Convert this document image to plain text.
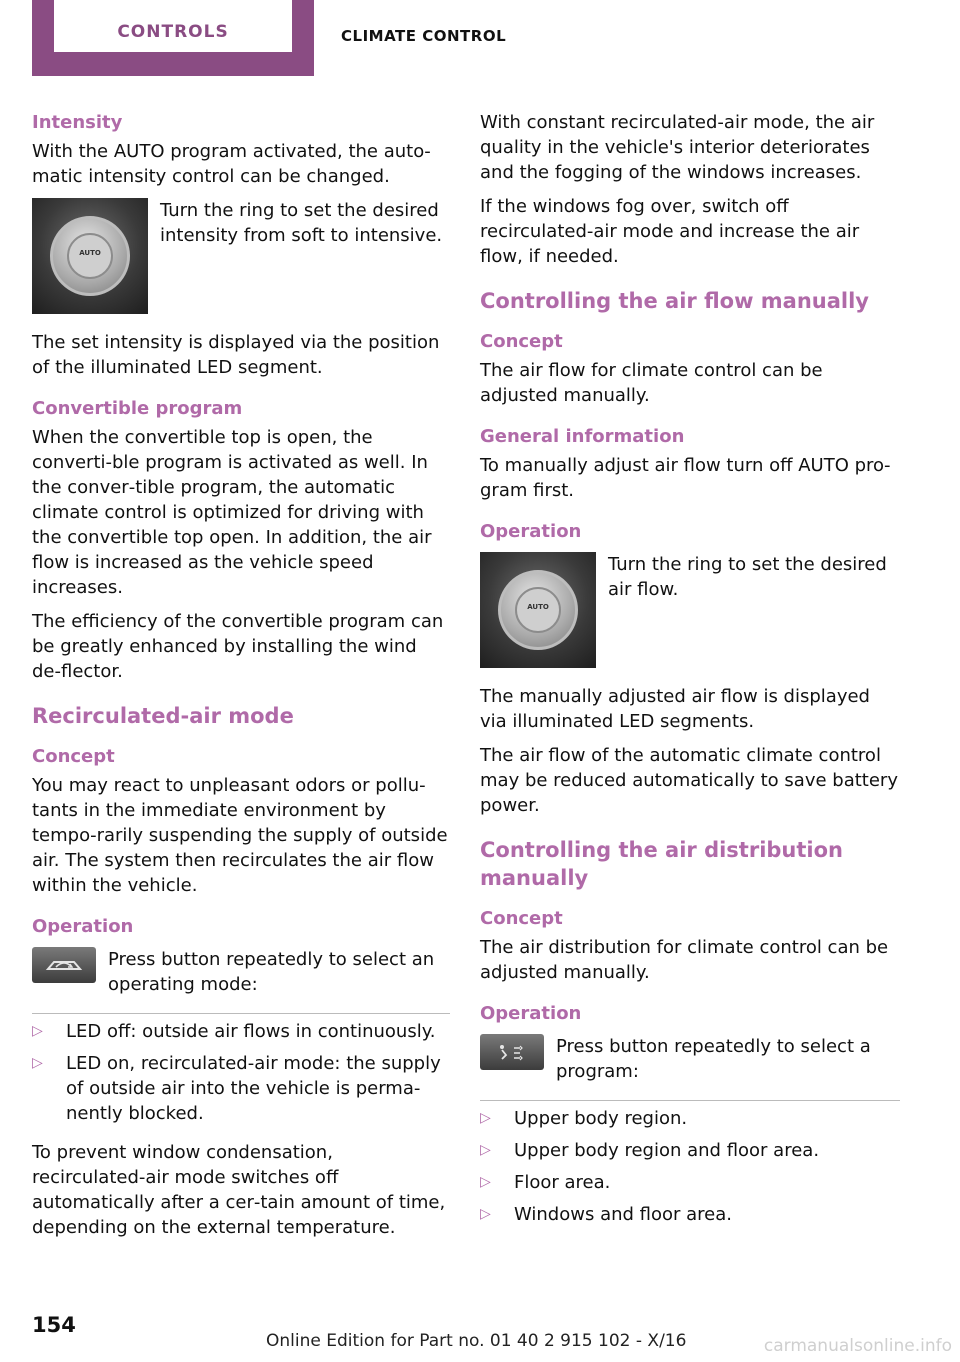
CONTROLS	CLIMATE CONTROL
Intensity

With the AUTO program activated, the auto‐matic intensity control can be changed.

AUTO

Turn the ring to set the desired intensity from soft to intensive.

The set intensity is displayed via the position of the illuminated LED segment.

Convertible program

When the convertible top is open, the converti‐ble program is activated as well. In the conver‐tible program, the automatic climate control is optimized for driving with the convertible top open. In addition, the air flow is increased as the vehicle speed increases.

The efficiency of the convertible program can be greatly enhanced by installing the wind de‐flector.

Recirculated-air mode
Concept

You may react to unpleasant odors or pollu‐tants in the immediate environment by tempo‐rarily suspending the supply of outside air. The system then recirculates the air flow within the vehicle.

Operation

Press button repeatedly to select an operating mode:

▷ LED off: outside air flows in continuously.
▷ LED on, recirculated-air mode: the supply of outside air into the vehicle is perma‐nently blocked.

To prevent window condensation, recirculated-air mode switches off automatically after a cer‐tain amount of time, depending on the external temperature.

With constant recirculated-air mode, the air quality in the vehicle's interior deteriorates and the fogging of the windows increases.

If the windows fog over, switch off recirculated-air mode and increase the air flow, if needed.

Controlling the air flow manually
Concept

The air flow for climate control can be adjusted manually.

General information

To manually adjust air flow turn off AUTO pro‐gram first.

Operation
AUTO

Turn the ring to set the desired air flow.

The manually adjusted air flow is displayed via illuminated LED segments.

The air flow of the automatic climate control may be reduced automatically to save battery power.

Controlling the air distribution manually
Concept

The air distribution for climate control can be adjusted manually.

Operation

Press button repeatedly to select a program:

▷ Upper body region.
▷ Upper body region and floor area.
▷ Floor area.
▷ Windows and floor area.
154
Online Edition for Part no. 01 40 2 915 102 - X/16	carmanualsonline.info
